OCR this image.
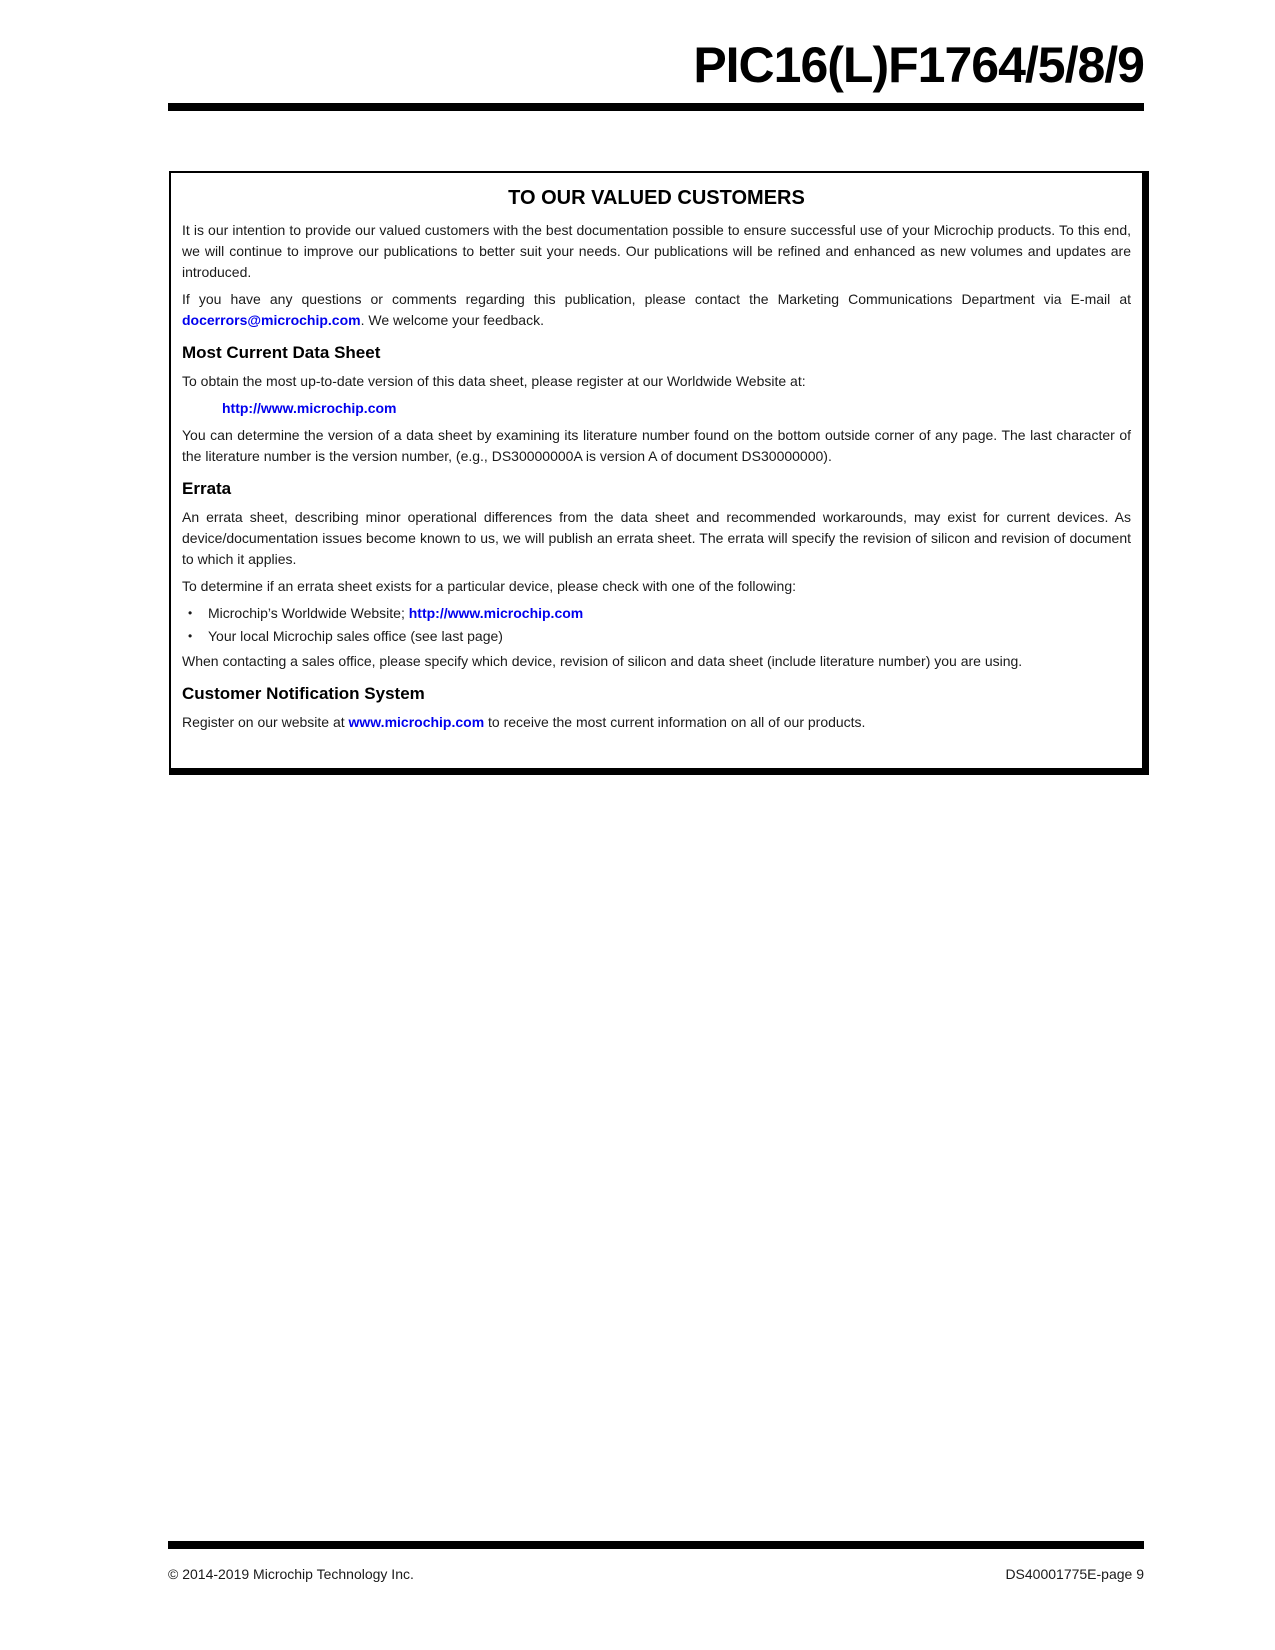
PIC16(L)F1764/5/8/9
TO OUR VALUED CUSTOMERS

It is our intention to provide our valued customers with the best documentation possible to ensure successful use of your Microchip products. To this end, we will continue to improve our publications to better suit your needs. Our publications will be refined and enhanced as new volumes and updates are introduced.

If you have any questions or comments regarding this publication, please contact the Marketing Communications Department via E-mail at docerrors@microchip.com. We welcome your feedback.

Most Current Data Sheet

To obtain the most up-to-date version of this data sheet, please register at our Worldwide Website at:

http://www.microchip.com

You can determine the version of a data sheet by examining its literature number found on the bottom outside corner of any page. The last character of the literature number is the version number, (e.g., DS30000000A is version A of document DS30000000).

Errata

An errata sheet, describing minor operational differences from the data sheet and recommended workarounds, may exist for current devices. As device/documentation issues become known to us, we will publish an errata sheet. The errata will specify the revision of silicon and revision of document to which it applies.

To determine if an errata sheet exists for a particular device, please check with one of the following:

•	Microchip’s Worldwide Website; http://www.microchip.com
•	Your local Microchip sales office (see last page)

When contacting a sales office, please specify which device, revision of silicon and data sheet (include literature number) you are using.

Customer Notification System

Register on our website at www.microchip.com to receive the most current information on all of our products.

© 2014-2019 Microchip Technology Inc.	DS40001775E-page 9
